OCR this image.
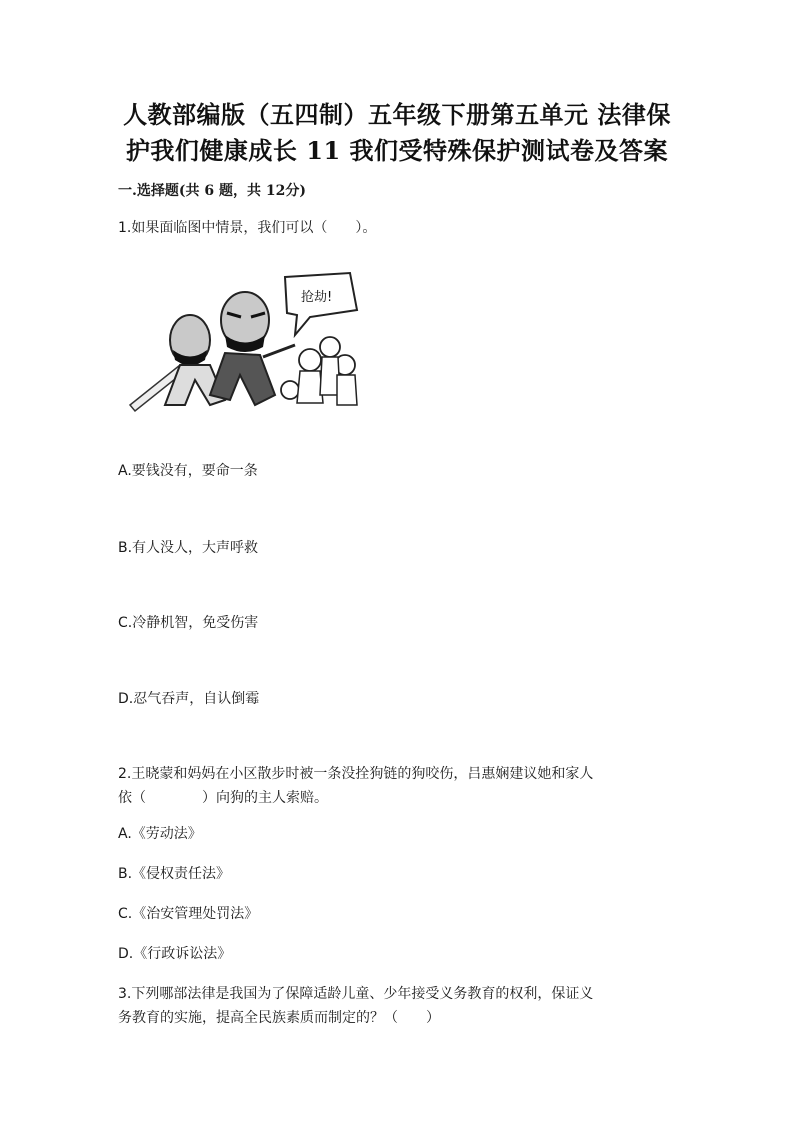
人教部编版（五四制）五年级下册第五单元 法律保
护我们健康成长 11 我们受特殊保护测试卷及答案
一.选择题(共 6 题，共 12分)
1.如果面临图中情景，我们可以（　　）。
抢劫!
A.要钱没有，要命一条
B.有人没人，大声呼救
C.冷静机智，免受伤害
D.忍气吞声，自认倒霉
2.王晓蒙和妈妈在小区散步时被一条没拴狗链的狗咬伤，吕惠娴建议她和家人
依（　　　　）向狗的主人索赔。
A.《劳动法》
B.《侵权责任法》
C.《治安管理处罚法》
D.《行政诉讼法》
3.下列哪部法律是我国为了保障适龄儿童、少年接受义务教育的权利，保证义
务教育的实施，提高全民族素质而制定的？（　　）
